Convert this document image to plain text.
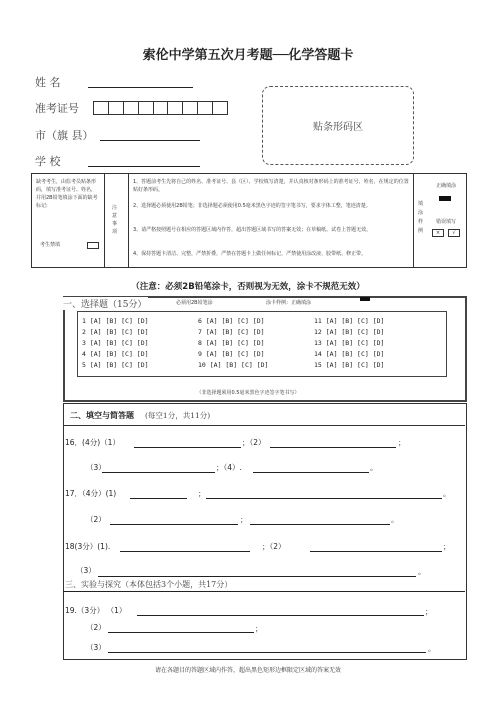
索伦中学第五次月考题──化学答题卡
姓 名
准考证号
市（旗 县）
学 校
贴条形码区
缺考考生，由监考员贴条形码，填写准考证号、姓名，并用2B铅笔填涂下面的缺考标记:
考生禁填
注意事项
1、答题前考生先将自己的姓名、准考证号、县（区）、学校填写清楚，并认真核对条形码上的准考证号、姓名，在规定的位置贴好条形码。
2、选择题必须使用2B铅笔；非选择题必须使用0.5毫米黑色字迹的签字笔书写，要求字体工整，笔迹清楚。
3、请严格按照题号在相应的答题区域内作答，超出答题区域书写的答案无效；在草稿纸、试卷上答题无效。
4、保持答题卡清洁、完整，严禁折叠，严禁在答题卡上做任何标记，严禁使用涂改液、胶带纸、修正带。
填涂样例
正确填涂
错误填写
×	√
（注意：必须2B铅笔涂卡，否则视为无效，涂卡不规范无效）
一、选择题（15分）	必须用2B铅笔涂	涂卡样例：正确填涂
1 [A] [B] [C] [D]
2 [A] [B] [C] [D]
3 [A] [B] [C] [D]
4 [A] [B] [C] [D]
5 [A] [B] [C] [D]
6 [A] [B] [C] [D]
7 [A] [B] [C] [D]
8 [A] [B] [C] [D]
9 [A] [B] [C] [D]
10 [A] [B] [C] [D]
11 [A] [B] [C] [D]
12 [A] [B] [C] [D]
13 [A] [B] [C] [D]
14 [A] [B] [C] [D]
15 [A] [B] [C] [D]
（非选择题须用0.5毫米黑色字迹签字笔书写）
二、填空与简答题 (每空1分，共11分)
16．(4分)（1）	；（2）	；
（3）	；（4）.	。
17．（4分）(1)	；	。
（2）	；	。
18(3分）(1).	；（2）	；
（3）	。
三、实验与探究（本体包括3个小题，共17分）
19.（3分） （1）	；
（2）	；
（3）	。
请在各题目的答题区域内作答，超出黑色矩形边框限定区域的答案无效
